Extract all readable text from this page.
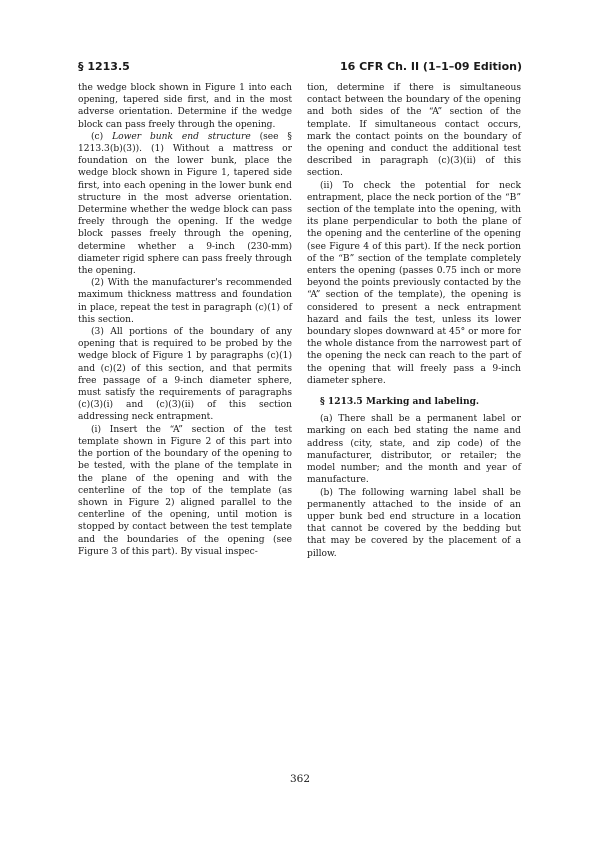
§ 1213.5	16 CFR Ch. II (1–1–09 Edition)

the wedge block shown in Figure 1 into each opening, tapered side first, and in the most adverse orientation. Determine if the wedge block can pass freely through the opening.

(c) Lower bunk end structure (see § 1213.3(b)(3)). (1) Without a mattress or foundation on the lower bunk, place the wedge block shown in Figure 1, tapered side first, into each opening in the lower bunk end structure in the most adverse orientation. Determine whether the wedge block can pass freely through the opening. If the wedge block passes freely through the opening, determine whether a 9-inch (230-mm) diameter rigid sphere can pass freely through the opening.

(2) With the manufacturer's recommended maximum thickness mattress and foundation in place, repeat the test in paragraph (c)(1) of this section.

(3) All portions of the boundary of any opening that is required to be probed by the wedge block of Figure 1 by paragraphs (c)(1) and (c)(2) of this section, and that permits free passage of a 9-inch diameter sphere, must satisfy the requirements of paragraphs (c)(3)(i) and (c)(3)(ii) of this section addressing neck entrapment.

(i) Insert the “A” section of the test template shown in Figure 2 of this part into the portion of the boundary of the opening to be tested, with the plane of the template in the plane of the opening and with the centerline of the top of the template (as shown in Figure 2) aligned parallel to the centerline of the opening, until motion is stopped by contact between the test template and the boundaries of the opening (see Figure 3 of this part). By visual inspec-

tion, determine if there is simultaneous contact between the boundary of the opening and both sides of the “A” section of the template. If simultaneous contact occurs, mark the contact points on the boundary of the opening and conduct the additional test described in paragraph (c)(3)(ii) of this section.

(ii) To check the potential for neck entrapment, place the neck portion of the “B” section of the template into the opening, with its plane perpendicular to both the plane of the opening and the centerline of the opening (see Figure 4 of this part). If the neck portion of the “B” section of the template completely enters the opening (passes 0.75 inch or more beyond the points previously contacted by the “A” section of the template), the opening is considered to present a neck entrapment hazard and fails the test, unless its lower boundary slopes downward at 45° or more for the whole distance from the narrowest part of the opening the neck can reach to the part of the opening that will freely pass a 9-inch diameter sphere.

§ 1213.5 Marking and labeling.

(a) There shall be a permanent label or marking on each bed stating the name and address (city, state, and zip code) of the manufacturer, distributor, or retailer; the model number; and the month and year of manufacture.

(b) The following warning label shall be permanently attached to the inside of an upper bunk bed end structure in a location that cannot be covered by the bedding but that may be covered by the placement of a pillow.

362
